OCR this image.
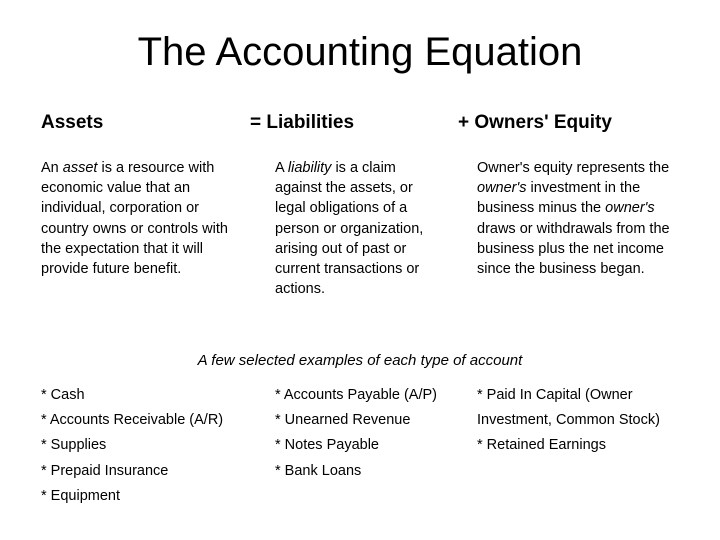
The Accounting Equation
Assets	= Liabilities	+ Owners' Equity
An asset is a resource with economic value that an individual, corporation or country owns or controls with the expectation that it will provide future benefit.
A liability is a claim against the assets, or legal obligations of a person or organization, arising out of past or current transactions or actions.
Owner's equity represents the owner's investment in the business minus the owner's draws or withdrawals from the business plus the net income since the business began.
A few selected examples of each type of account
* Cash
* Accounts Receivable (A/R)
* Supplies
* Prepaid Insurance
* Equipment
* Accounts Payable (A/P)
* Unearned Revenue
* Notes Payable
* Bank Loans
* Paid In Capital (Owner
Investment, Common Stock)
* Retained Earnings
